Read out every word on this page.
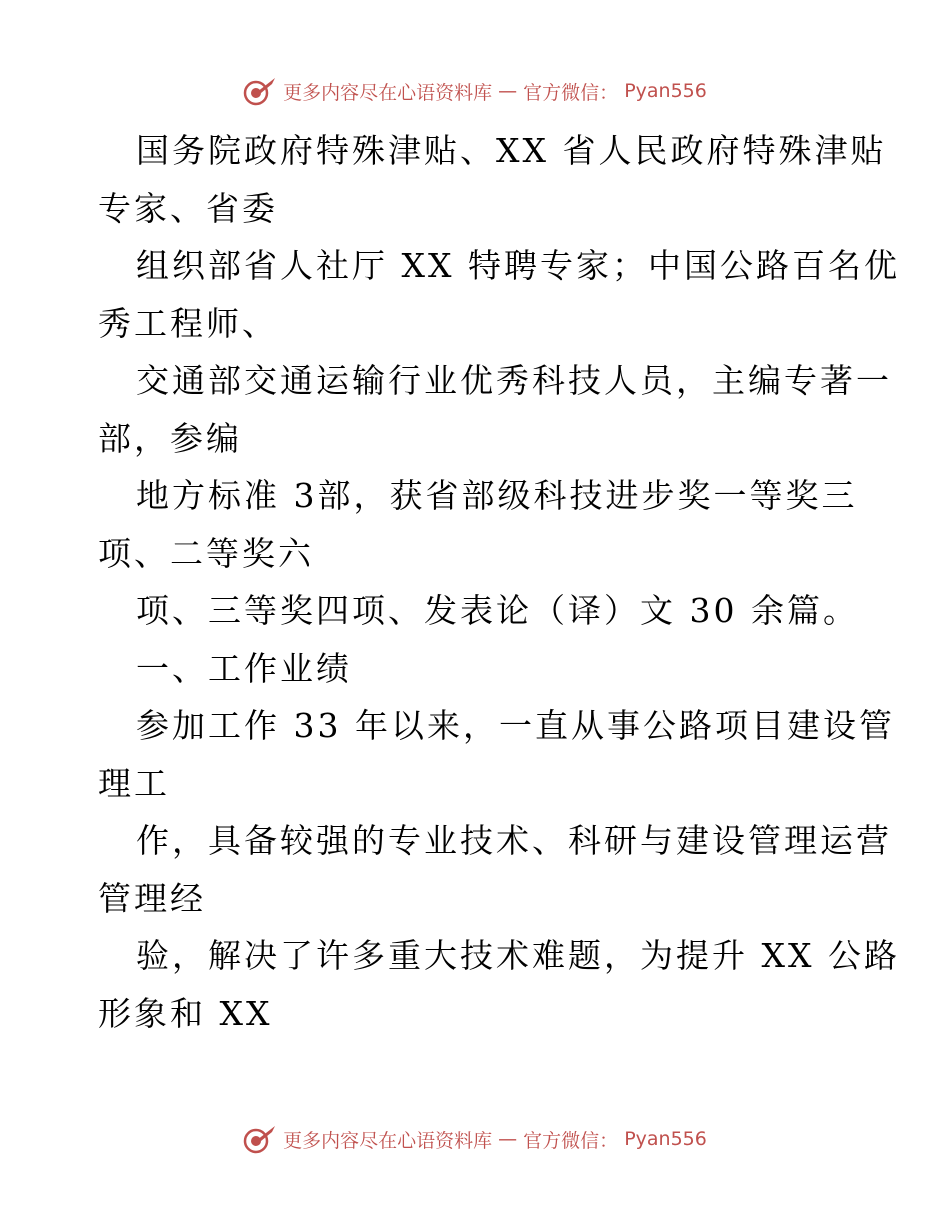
更多内容尽在心语资料库 — 官方微信： Pyan556
国务院政府特殊津贴、XX 省人民政府特殊津贴
专家、省委
组织部省人社厅 XX 特聘专家；中国公路百名优
秀工程师、
交通部交通运输行业优秀科技人员，主编专著一
部，参编
地方标准 3部，获省部级科技进步奖一等奖三
项、二等奖六
项、三等奖四项、发表论（译）文 30 余篇。
一、工作业绩
参加工作 33 年以来，一直从事公路项目建设管
理工
作，具备较强的专业技术、科研与建设管理运营
管理经
验，解决了许多重大技术难题，为提升 XX 公路
形象和 XX
更多内容尽在心语资料库 — 官方微信： Pyan556
